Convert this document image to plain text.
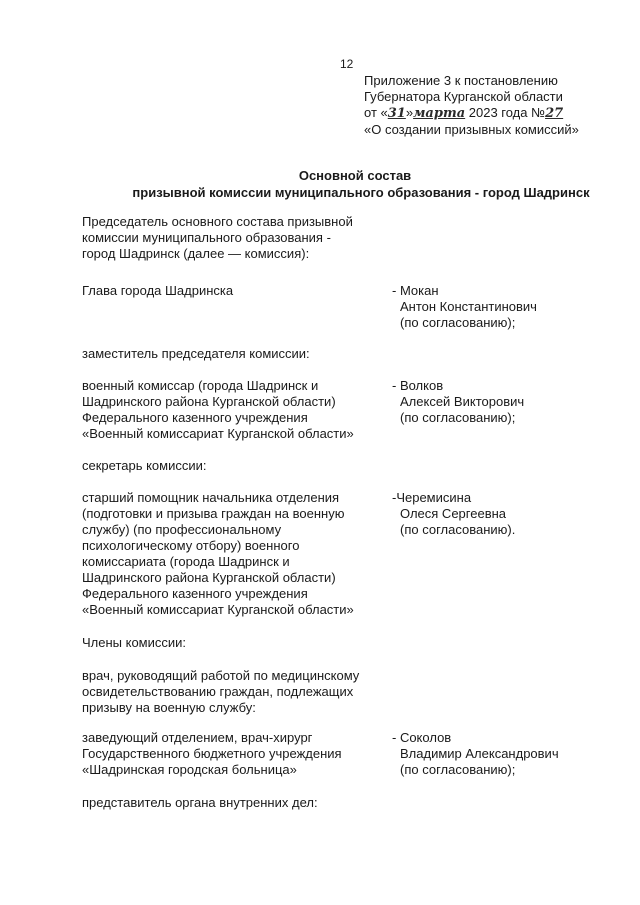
12
Приложение 3 к постановлению
Губернатора Курганской области
от «31»марта 2023 года №27
«О создании призывных комиссий»
Основной состав
призывной комиссии муниципального образования - город Шадринск
Председатель основного состава призывной
комиссии муниципального образования -
город Шадринск (далее — комиссия):
Глава города Шадринска	- Мокан
Антон Константинович
(по согласованию);
заместитель председателя комиссии:
военный комиссар (города Шадринск и
Шадринского района Курганской области)
Федерального казенного учреждения
«Военный комиссариат Курганской области»
- Волков
Алексей Викторович
(по согласованию);
секретарь комиссии:
старший помощник начальника отделения
(подготовки и призыва граждан на военную
службу) (по профессиональному
психологическому отбору) военного
комиссариата (города Шадринск и
Шадринского района Курганской области)
Федерального казенного учреждения
«Военный комиссариат Курганской области»
-Черемисина
Олеся Сергеевна
(по согласованию).
Члены комиссии:
врач, руководящий работой по медицинскому
освидетельствованию граждан, подлежащих
призыву на военную службу:
заведующий отделением, врач-хирург
Государственного бюджетного учреждения
«Шадринская городская больница»
- Соколов
Владимир Александрович
(по согласованию);
представитель органа внутренних дел:
